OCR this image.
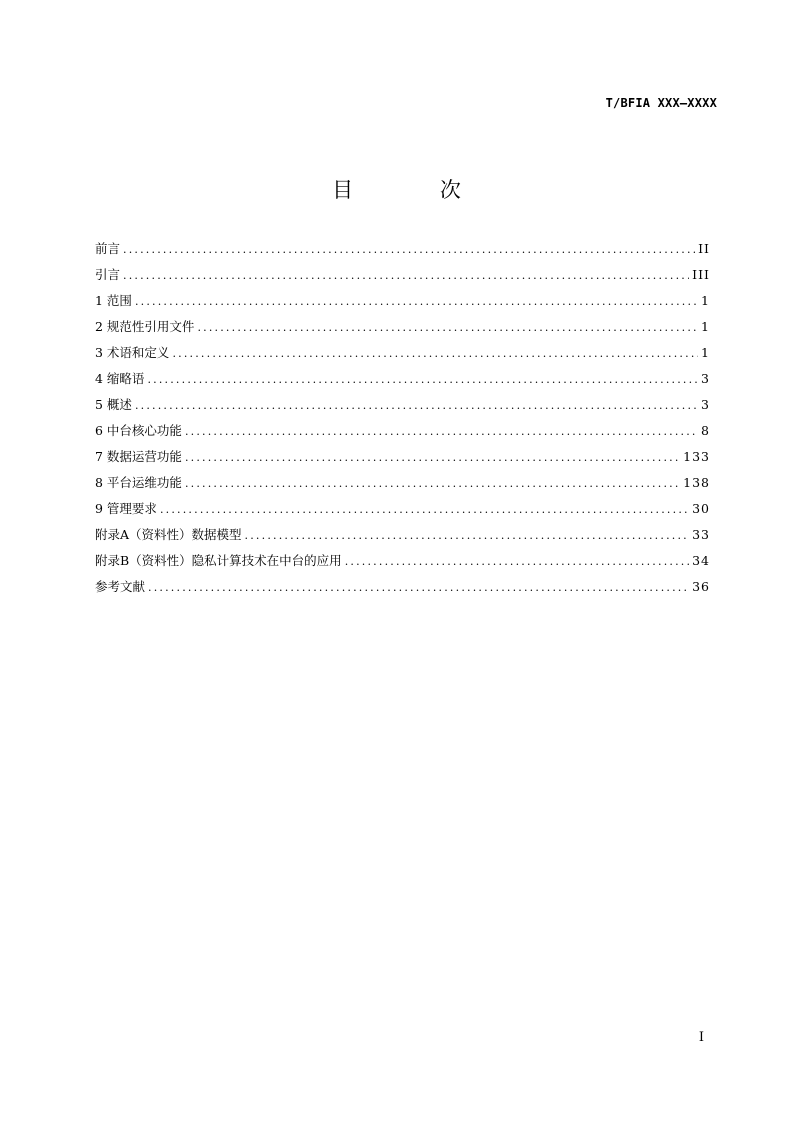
T/BFIA XXX—XXXX
目 次
前言 .....	II
引言 .....	III
1 范围 .....	1
2 规范性引用文件 .....	1
3 术语和定义 .....	1
4 缩略语 .....	3
5 概述 .....	3
6 中台核心功能 .....	8
7 数据运营功能 .....	133
8 平台运维功能 .....	138
9 管理要求 .....	30
附录A（资料性）数据模型 .....	33
附录B（资料性）隐私计算技术在中台的应用 .....	34
参考文献 .....	36
I
